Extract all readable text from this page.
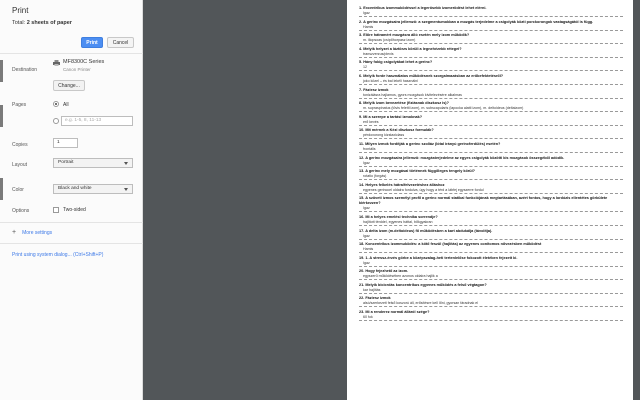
Print
Total: 2 sheets of paper
Print	Cancel
Destination
MF8300C Series
Canon Printer
Change...
Pages	All
e.g. 1-5, 8, 11-13
Copies	1
Layout	Portrait
Color	Black and white
Options	Two-sided
+ More settings
Print using system dialog... (Ctrl+Shift+P)
1. Excentrikus izommuködéssel a legerösebb izomerödést lehet elérni.
Igaz
2. A gerinc mozgásaira jellemzö: a szegmentumokban a mozgás terjedelme a csigolyák közti porckorongok vastagságától is függ.
Hamis
3. Előre hátramért mozgásra álló esetén mely izom működik?
m. iliopsoas (csípőhorpasz izom)
4. Melyik helyzet a láztörzs körüli a legnehézebb rétegei?
transzverzus/plexis
5. Hány fokig csigolyákat lehet a gerinc?
12
6. Melyik forde használatos működésnek szorgalmazásban az erőbefektetésről?
joko közel – és bal lekéli használni
7. Fáziesz izmok
tonizálásra hajlamos, gyors mozgások kivitelezésére alkalmas
8. Melyik izom bevezetése (fiziásnak diszkosz is)?
m. supraspinatus (tövis feletti izom), m. subscapularis (lapocka alatti izom), m. deltoideus (deltaizom)
9. Mi a szerepe a tartási izmoknak?
erő kevés
10. Mit mérnek a Kézi diszkosz formulák?
pérdoxorong kizstaxiclass
11. Milyen izmok fordítják a gerinc szoliáz (lótal irányú gerincferdülés) esetén?
frontális
12. A gerinc mozgásaira jellemzö: mozgásterjedelme az egyes csigolyák közötti kis mozgások összegéből adódik.
Igaz
13. A gerinc mely mozgásai történnek függőleges tengely körül?
rotatio (forgás)
14. Helyes felkelés hátra/felvezetéshez álláshoz
egyenes gerinccel oldalra fordulva, úgy hogy a térd a lábfej egyszerre fordul
15. A szöveti izmos személyi profil a gerinc normál statikai funkciójának megtartásában, azért fontos, hogy a lordózis ellentétes görbülete kiérkezzen?
Igaz
16. Mi a helyes emelési technika sorrendje?
hajlított térddel, egyenes háttal, bőkgyakran
17. A delta izom (m.deltoideus) fő működésben a kart abdukálja (távolítja).
Igaz
18. Koncentrikus izommuködés: a kötő feszül (hajlítás) az egyenes conitomos nővezésben működést
Hamis
19. 1. A stressz-érzés görbe a középszalag-heti tertenlelőse fokozott életében fejezett ki.
Igaz
20. Hogy fejezhető az izom.
egyszerű működésében azonos oldalra hajlik a
21. Melyik bicicrdás koncentrikus egyenes működés a felső végtagon?
kar hajlítás
22. Fáziesz izmok
alsó/szerkezeti felső koszorú áll, erősítésre kell lőni, gyorsan fáradnak el
23. Mi a renderez normál álláról szége?
60 fok
